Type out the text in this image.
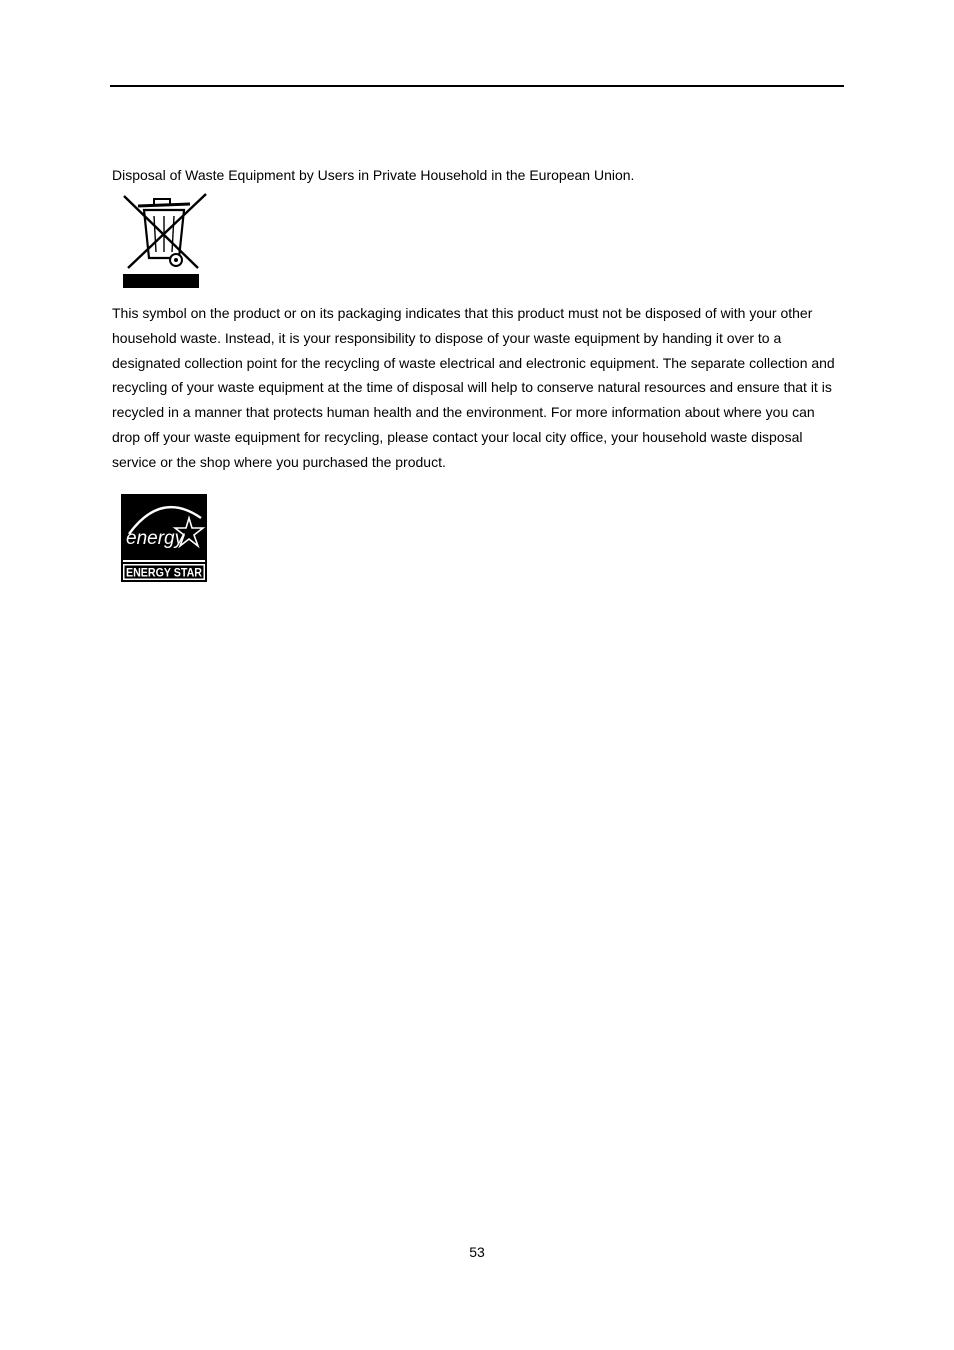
Disposal of Waste Equipment by Users in Private Household in the European Union.

This symbol on the product or on its packaging indicates that this product must not be disposed of with your other household waste. Instead, it is your responsibility to dispose of your waste equipment by handing it over to a designated collection point for the recycling of waste electrical and electronic equipment. The separate collection and recycling of your waste equipment at the time of disposal will help to conserve natural resources and ensure that it is recycled in a manner that protects human health and the environment. For more information about where you can drop off your waste equipment for recycling, please contact your local city office, your household waste disposal service or the shop where you purchased the product.

energy
ENERGY STAR
53
